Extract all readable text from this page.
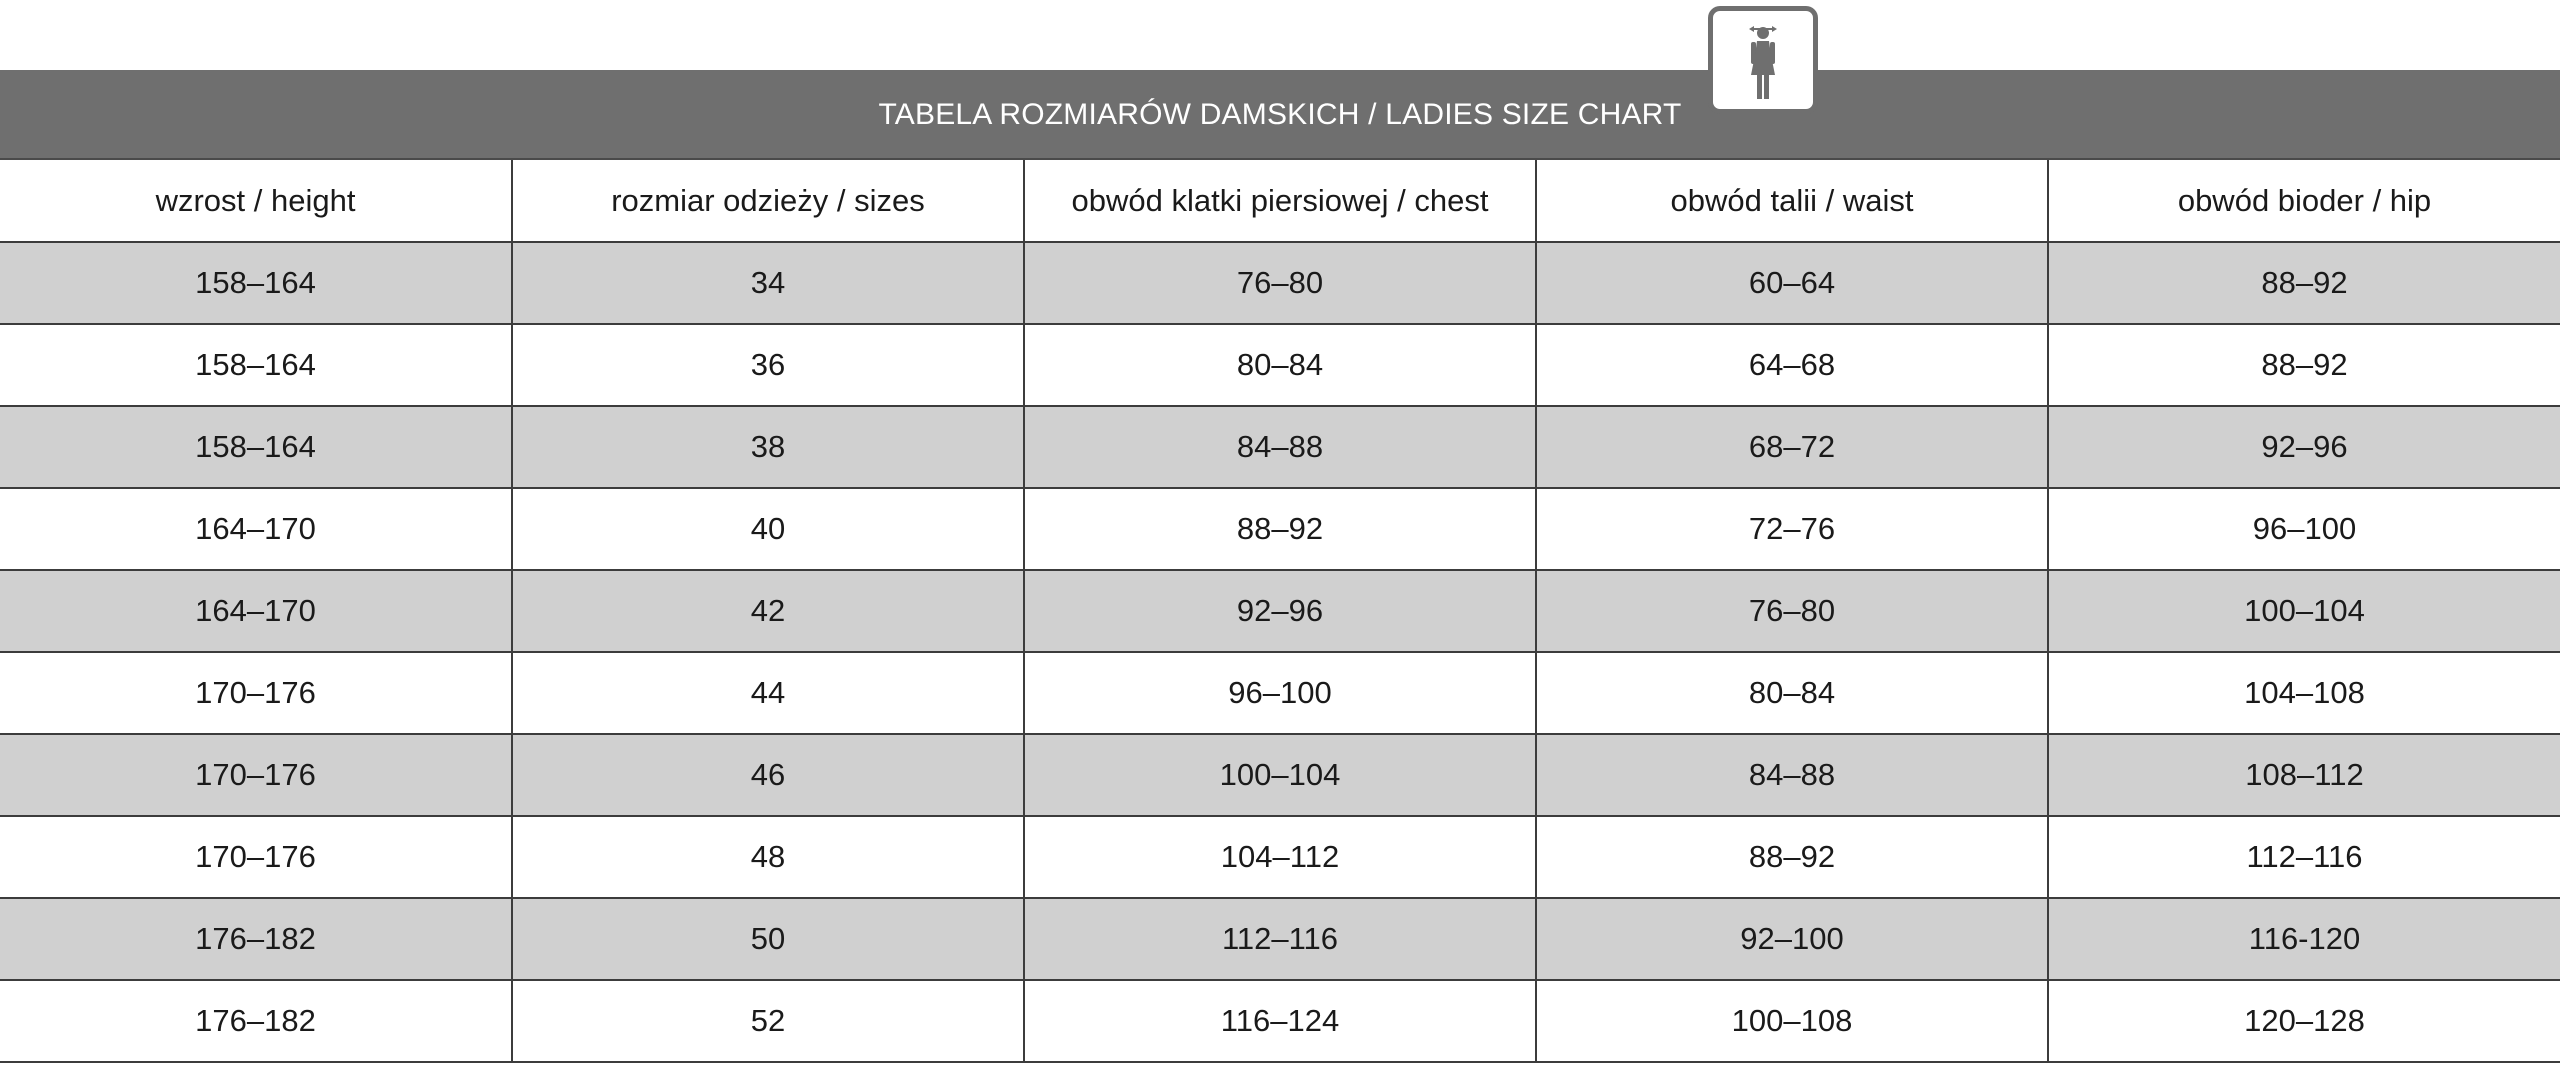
TABELA ROZMIARÓW DAMSKICH / LADIES SIZE CHART
wzrost / height	rozmiar odzieży / sizes	obwód klatki piersiowej / chest	obwód talii / waist	obwód bioder / hip
158–164	34	76–80	60–64	88–92
158–164	36	80–84	64–68	88–92
158–164	38	84–88	68–72	92–96
164–170	40	88–92	72–76	96–100
164–170	42	92–96	76–80	100–104
170–176	44	96–100	80–84	104–108
170–176	46	100–104	84–88	108–112
170–176	48	104–112	88–92	112–116
176–182	50	112–116	92–100	116-120
176–182	52	116–124	100–108	120–128
